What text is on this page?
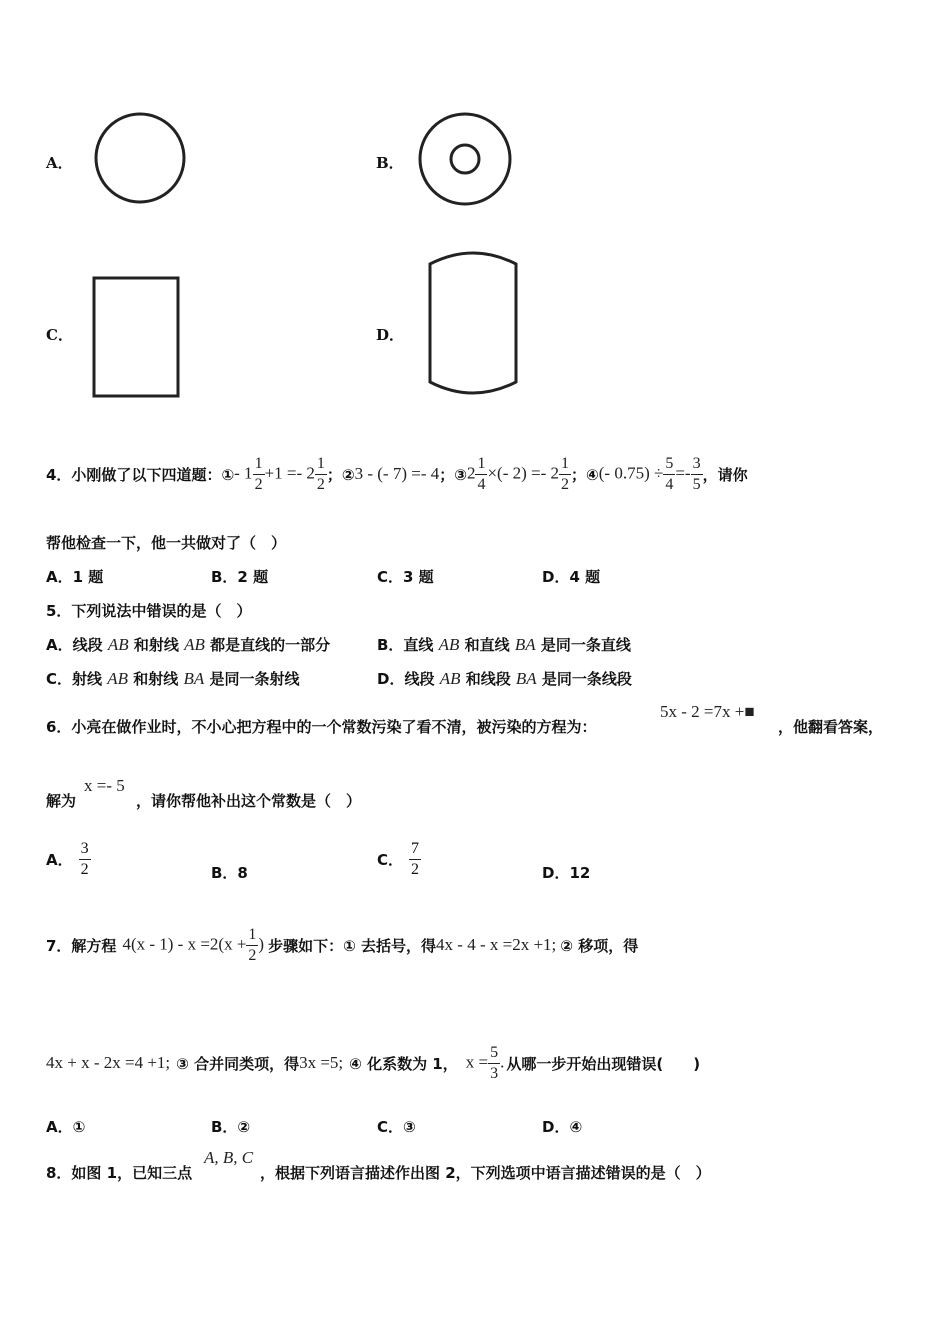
A．	B．
C．	D．
4．小刚做了以下四道题：① - $1 \frac{1}{2} +1 =- 2 \frac{1}{2}$ ；② 3 - (- 7) =- 4 ；③ $2 \frac{1}{4}$ ×(- $2) =- 2 \frac{1}{2}$ ；④ (- $0.75) \div \frac{5}{4} =- \frac{3}{5}$ ，请你
帮他检查一下，他一共做对了（　）
A．1 题	B．2 题	C．3 题	D．4 题
5．下列说法中错误的是（　）
A．线段 AB 和射线 AB 都是直线的一部分	B．直线 AB 和直线 BA 是同一条直线
C．射线 AB 和射线 BA 是同一条射线	D．线段 AB 和线段 BA 是同一条线段
6．小亮在做作业时，不小心把方程中的一个常数污染了看不清，被污染的方程为：
5x - 2 =7x +■
，他翻看答案，
解为
x =- 5
，请你帮他补出这个常数是（　）
A． $\frac{3}{2}$	B．8
C． $\frac{7}{2}$	D．12
7．解方程 $4(x - 1) - x =2(x + \frac{1}{2}$ ) 步骤如下： ① 去括号，得 4x - 4 - x =2x +1; ② 移项，得
4x + x - 2x =4 +1; ③ 合并同类项，得 3x =5; ④ 化系数为 1， $x = \frac{5}{3}$ . 从哪一步开始出现错误(　　)
A．①	B．②	C．③	D．④
8．如图 1，已知三点
A, B, C
，根据下列语言描述作出图 2，下列选项中语言描述错误的是（　）
